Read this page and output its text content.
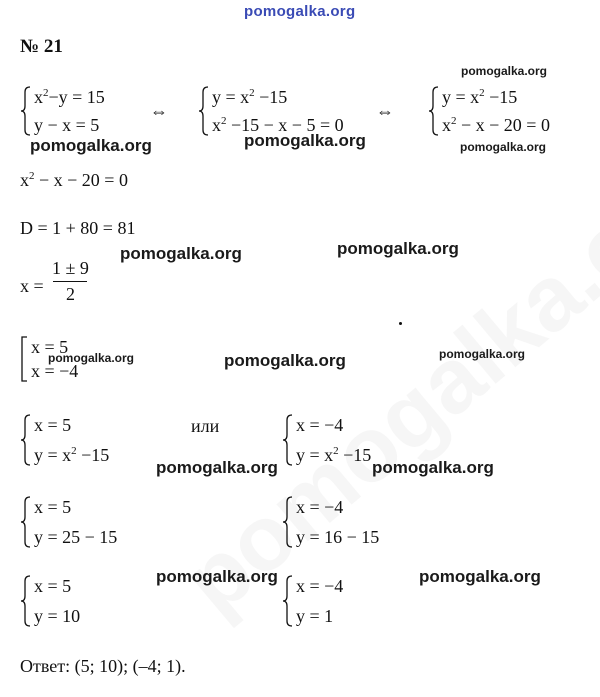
pomogalka.org
№ 21
$x^2-y = 15$
y − x = 5
⇔
$y = x^2 -15$
$x^2 -15 - x - 5 = 0$
⇔
$y = x^2 -15$
$x^2 - x - 20 = 0$
pomogalka.org
pomogalka.org
pomogalka.org	pomogalka.org
$x^2 - x - 20 = 0$
D = 1 + 80 = 81
pomogalka.org	pomogalka.org
x =
1 ± 9
2
x = 5
x = −4
pomogalka.org	pomogalka.org	pomogalka.org
x = 5
$y = x^2 -15$
или	x = −4
$y = x^2 -15$
pomogalka.org	pomogalka.org
x = 5
y = 25 − 15
x = −4
y = 16 − 15
pomogalka.org	pomogalka.org
x = 5
y = 10
x = −4
y = 1
Ответ: (5; 10); (–4; 1).
